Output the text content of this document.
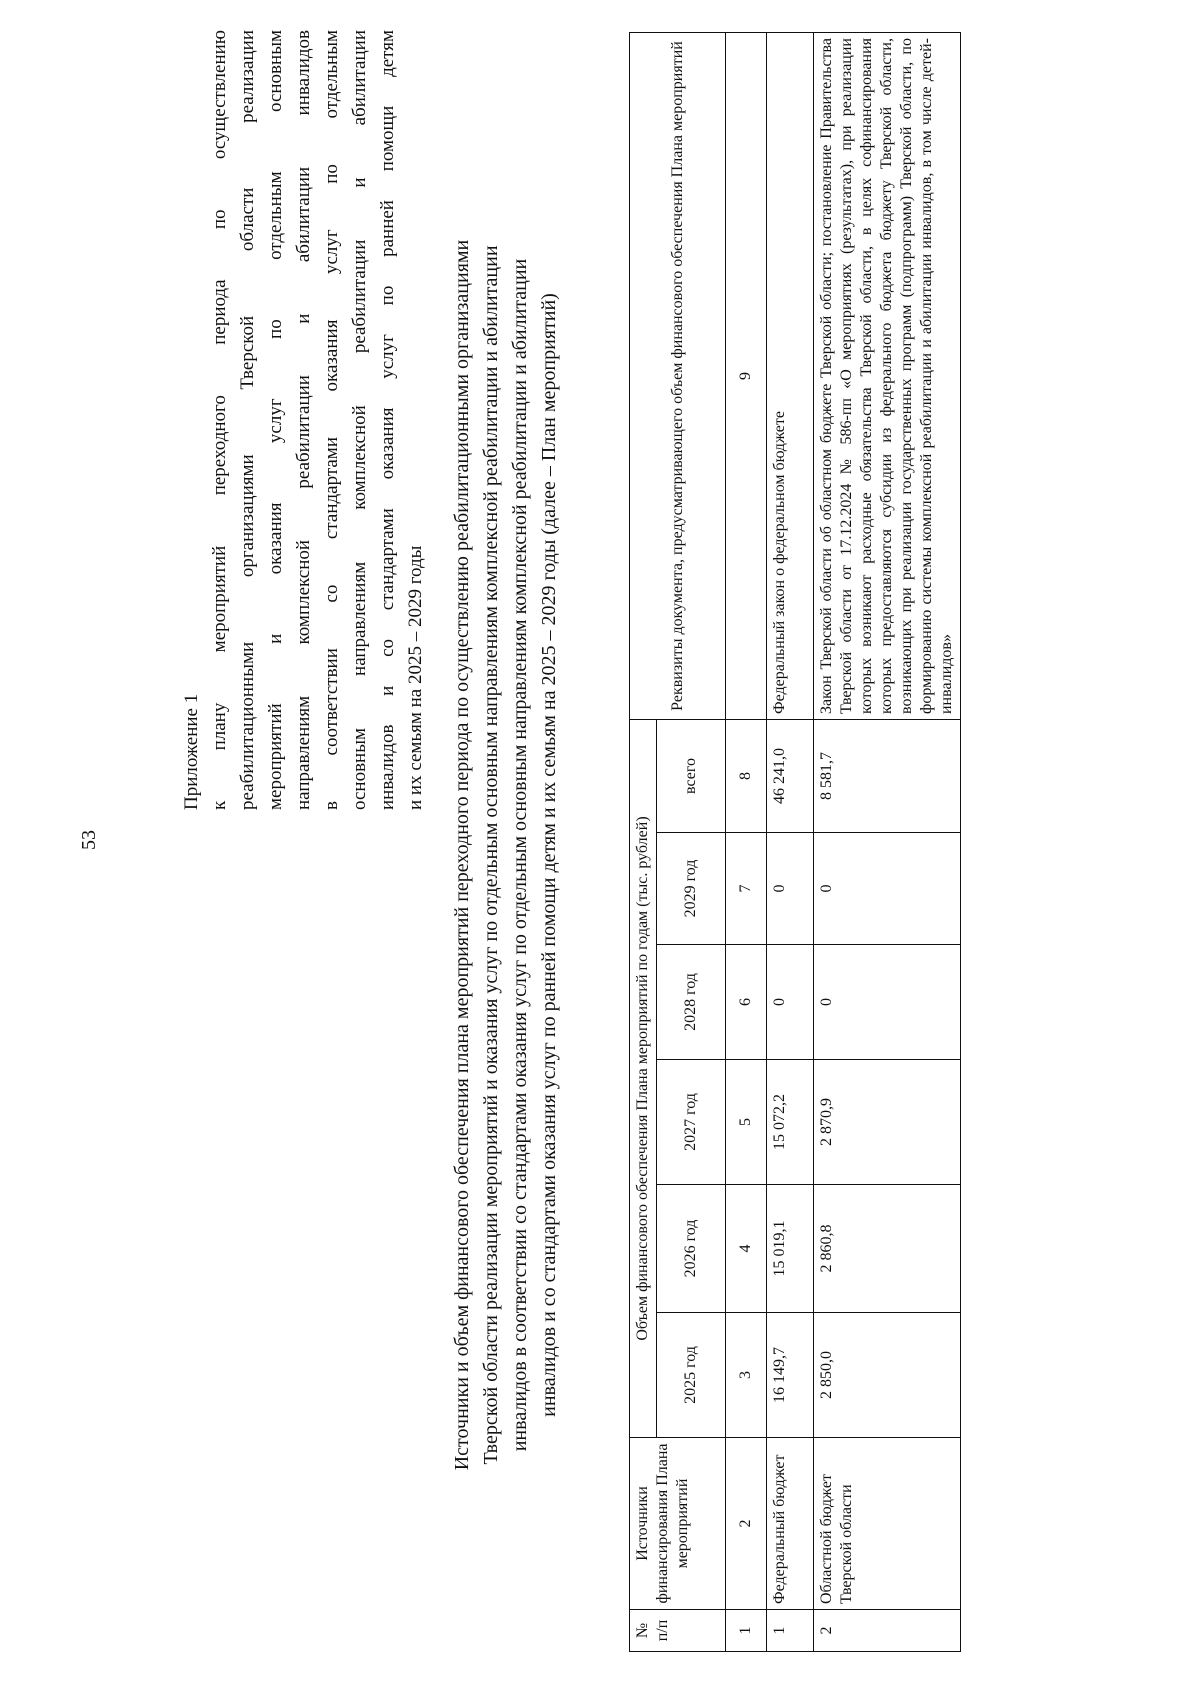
53
Приложение 1 к плану мероприятий переходного периода по осуществлению реабилитационными организациями Тверской области реализации мероприятий и оказания услуг по отдельным основным направлениям комплексной реабилитации и абилитации инвалидов в соответствии со стандартами оказания услуг по отдельным основным направлениям комплексной реабилитации и абилитации инвалидов и со стандартами оказания услуг по ранней помощи детям и их семьям на 2025 – 2029 годы Источники и объем финансового обеспечения плана мероприятий переходного периода по осуществлению реабилитационными организациями Тверской области реализации мероприятий и оказания услуг по отдельным основным направлениям комплексной реабилитации и абилитации инвалидов в соответствии со стандартами оказания услуг по отдельным основным направлениям комплексной реабилитации и абилитации инвалидов и со стандартами оказания услуг по ранней помощи детям и их семьям на 2025 – 2029 годы (далее – План мероприятий)
№ п/п	Источники финансирования Плана мероприятий	Объем финансового обеспечения Плана мероприятий по годам (тыс. рублей)						Реквизиты документа, предусматривающего объем финансового обеспечения Плана мероприятий
		2025 год	2026 год	2027 год	2028 год	2029 год	всего	
1	2	3	4	5	6	7	8	9
1	Федеральный бюджет	16 149,7	15 019,1	15 072,2	0	0	46 241,0	Федеральный закон о федеральном бюджете
2	Областной бюджет Тверской области	2 850,0	2 860,8	2 870,9	0	0	8 581,7	Закон Тверской области об областном бюджете Тверской области; постановление Правительства Тверской области от 17.12.2024 № 586-пп «О мероприятиях (результатах), при реализации которых возникают расходные обязательства Тверской области, в целях софинансирования которых предоставляются субсидии из федерального бюджета бюджету Тверской области, возникающих при реализации государственных программ (подпрограмм) Тверской области, по формированию системы комплексной реабилитации и абилитации инвалидов, в том числе детей-инвалидов»
